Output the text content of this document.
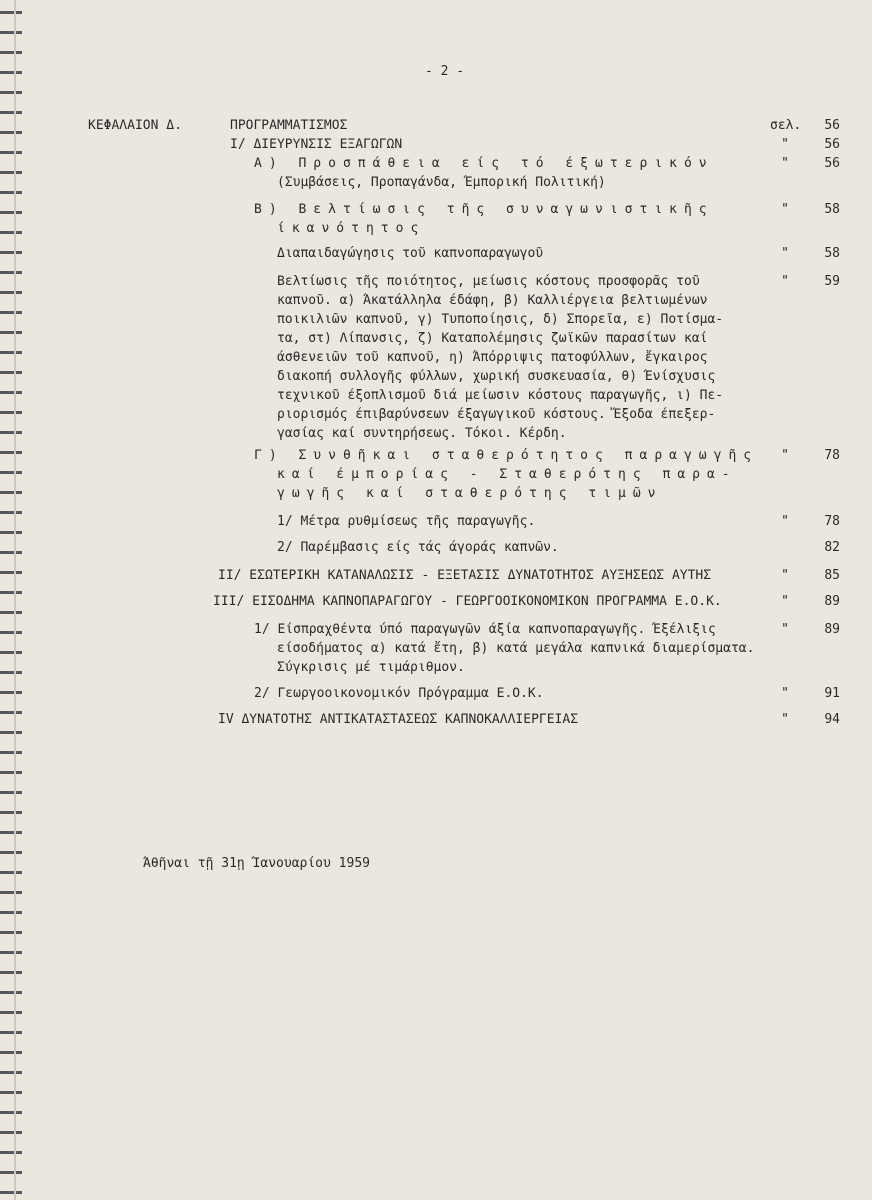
- 2 -
ΚΕΦΑΛΑΙΟΝ Δ.	ΠΡΟΓΡΑΜΜΑΤΙΣΜΟΣ	σελ.	56
Ι/ ΔΙΕΥΡΥΝΣΙΣ ΕΞΑΓΩΓΩΝ	"	56
Α) Προσπάθεια είς τό έξωτερικόν	"	56
(Συμβάσεις, Προπαγάνδα, Έμπορική Πολιτική)
Β) Βελτίωσις τῆς συναγωνιστικῆς	"	58
ίκανότητος
Διαπαιδαγώγησις τοῦ καπνοπαραγωγοῦ	"	58
Βελτίωσις τῆς ποιότητος, μείωσις κόστους προσφορᾶς τοῦ	"	59
καπνοῦ. α) Άκατάλληλα έδάφη, β) Καλλιέργεια βελτιωμένων
ποικιλιῶν καπνοῦ, γ) Τυποποίησις, δ) Σπορεῖα, ε) Ποτίσμα-
τα, στ) Λίπανσις, ζ) Καταπολέμησις ζωϊκῶν παρασίτων καί
άσθενειῶν τοῦ καπνοῦ, η) Άπόρριψις πατοφύλλων, ἔγκαιρος
διακοπή συλλογῆς φύλλων, χωρική συσκευασία, θ) Ένίσχυσις
τεχνικοῦ έξοπλισμοῦ διά μείωσιν κόστους παραγωγῆς, ι) Πε-
ριορισμός έπιβαρύνσεων έξαγωγικοῦ κόστους. Ἔξοδα έπεξερ-
γασίας καί συντηρήσεως. Τόκοι. Κέρδη.
Γ) Συνθῆκαι σταθερότητος παραγωγῆς	"	78
καί έμπορίας - Σταθερότης παρα-
γωγῆς καί σταθερότης τιμῶν
1/ Μέτρα ρυθμίσεως τῆς παραγωγῆς.	"	78
2/ Παρέμβασις είς τάς άγοράς καπνῶν.	82
ΙΙ/ ΕΣΩΤΕΡΙΚΗ ΚΑΤΑΝΑΛΩΣΙΣ - ΕΞΕΤΑΣΙΣ ΔΥΝΑΤΟΤΗΤΟΣ ΑΥΞΗΣΕΩΣ ΑΥΤΗΣ	"	85
ΙΙΙ/ ΕΙΣΟΔΗΜΑ ΚΑΠΝΟΠΑΡΑΓΩΓΟΥ - ΓΕΩΡΓΟΟΙΚΟΝΟΜΙΚΟΝ ΠΡΟΓΡΑΜΜΑ Ε.Ο.Κ.	"	89
1/ Είσπραχθέντα ύπό παραγωγῶν άξία καπνοπαραγωγῆς. Έξέλιξις	"	89
είσοδήματος α) κατά ἔτη, β) κατά μεγάλα καπνικά διαμερίσματα.
Σύγκρισις μέ τιμάριθμον.
2/ Γεωργοοικονομικόν Πρόγραμμα Ε.Ο.Κ.	"	91
IV ΔΥΝΑΤΟΤΗΣ ΑΝΤΙΚΑΤΑΣΤΑΣΕΩΣ ΚΑΠΝΟΚΑΛΛΙΕΡΓΕΙΑΣ	"	94
Άθῆναι τῇ 31ῃ Ίανουαρίου 1959
